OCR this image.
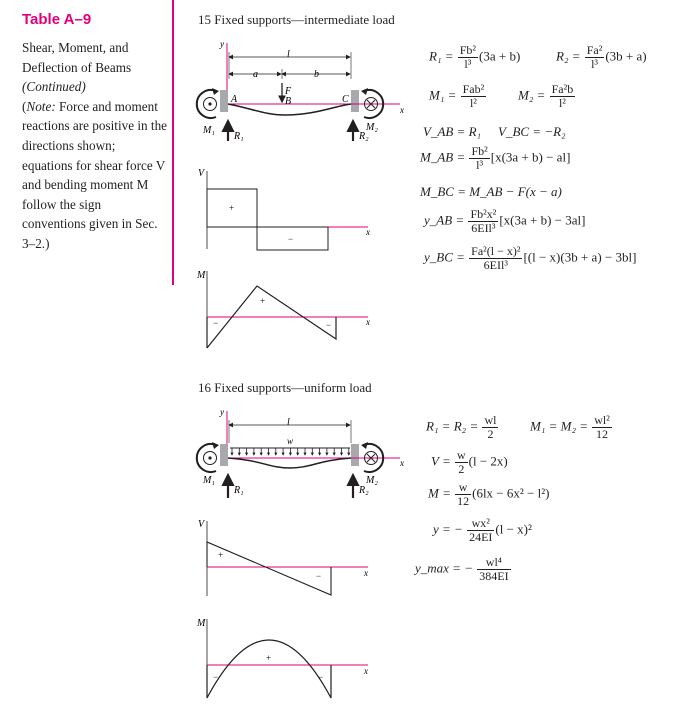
Table A–9

Shear, Moment, and Deflection of Beams

(Continued)

(Note: Force and moment reactions are positive in the directions shown; equations for shear force V and bending moment M follow the sign conventions given in Sec. 3–2.)

15 Fixed supports—intermediate load
y
l
a	b
x
F
A	B	C
M₁	M₂
R₁	R₂
V
x
+
−
M
x
+
−	−
$R_1 = \frac{\text{Fb²}}{\text{l³}} (3a + b)$	$R_2 = \frac{\text{Fa²}}{\text{l³}} (3b + a)$
M₁ = Fab²
l²
$M_2 = \frac{\text{Fa²b}}{\text{l²}}$
V_AB = R₁ V_BC = −R₂
M_AB = $\frac{\text{Fb²}}{\text{l³}} [x(3a + b) - al]$
M_BC = M_AB − F(x − a)
y_AB = Fb²x²
6EIl³
[x(3a + b) − 3al]
y_BC = Fa²(l − x)²
6EIl³
[(l − x)(3b + a) − 3bl]
16 Fixed supports—uniform load
y
l
w
x
M₁	M₂
R₁	R₂
V
x
+
−
M
x
+
−	−
$R_1 = R_2 = \frac{wl}{2} M_1 = M_2 = \frac{\text{wl²}}{12}$
$V = \frac{w}{2} (l - 2x)$
$M = \frac{w}{12} (6lx - 6x^2 - l^2)$
y = − $\frac{\text{wx²}}{24EI} (l - x)^2$
y_max = − $\frac{\text{wl⁴}}{384EI}$
